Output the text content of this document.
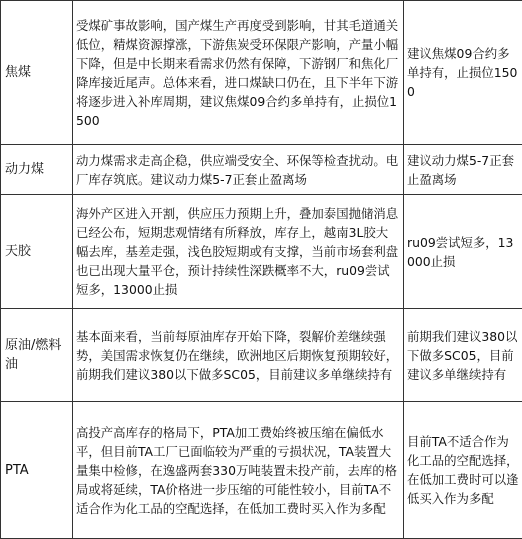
焦煤	受煤矿事故影响，国产煤生产再度受到影响，甘其毛道通关低位，精煤资源撑涨，下游焦炭受环保限产影响，产量小幅下降，但是中长期来看需求仍然有保障，下游钢厂和焦化厂降库接近尾声。总体来看，进口煤缺口仍在，且下半年下游将逐步进入补库周期，建议焦煤09合约多单持有，止损位1500	建议焦煤09合约多单持有，止损位1500
动力煤	动力煤需求走高企稳，供应端受安全、环保等检查扰动。电厂库存筑底。建议动力煤5-7正套止盈离场	建议动力煤5-7正套止盈离场
天胶	海外产区进入开割，供应压力预期上升，叠加泰国抛储消息已经公布，短期悲观情绪有所释放，库存上，越南3L胶大幅去库，基差走强，浅色胶短期或有支撑，当前市场套利盘也已出现大量平仓，预计持续性深跌概率不大，ru09尝试短多，13000止损	ru09尝试短多，13000止损
原油/燃料油	基本面来看，当前每原油库存开始下降，裂解价差继续强势，美国需求恢复仍在继续，欧洲地区后期恢复预期较好，前期我们建议380以下做多SC05，目前建议多单继续持有	前期我们建议380以下做多SC05，目前建议多单继续持有
PTA	高投产高库存的格局下，PTA加工费始终被压缩在偏低水平，但目前TA工厂已面临较为严重的亏损状况，TA装置大量集中检修，在逸盛两套330万吨装置未投产前，去库的格局或将延续，TA价格进一步压缩的可能性较小，目前TA不适合作为化工品的空配选择，在低加工费时买入作为多配	目前TA不适合作为化工品的空配选择，在低加工费时可以逢低买入作为多配
